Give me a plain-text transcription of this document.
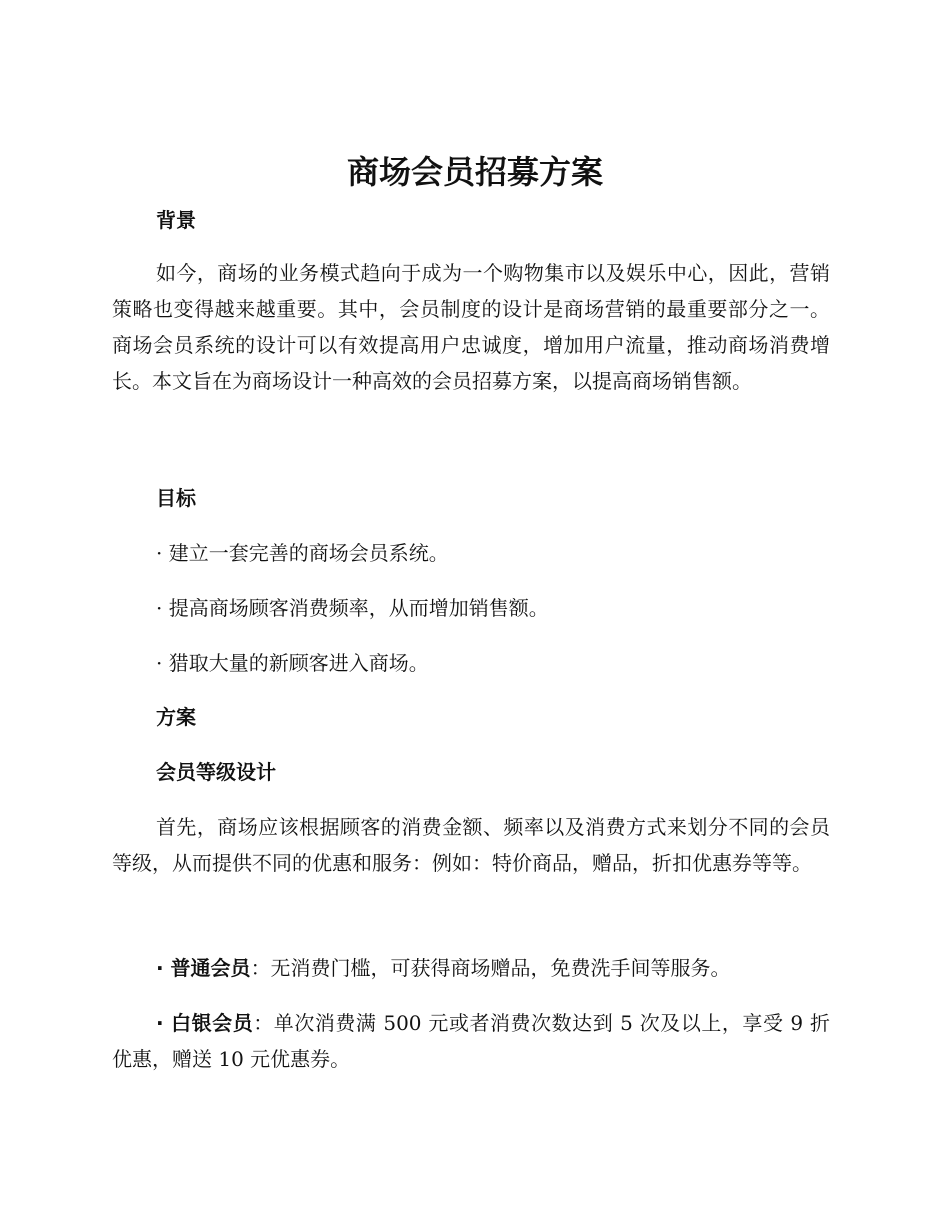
商场会员招募方案
背景
如今，商场的业务模式趋向于成为一个购物集市以及娱乐中心，因此，营销策略也变得越来越重要。其中，会员制度的设计是商场营销的最重要部分之一。商场会员系统的设计可以有效提高用户忠诚度，增加用户流量，推动商场消费增长。本文旨在为商场设计一种高效的会员招募方案，以提高商场销售额。
目标
· 建立一套完善的商场会员系统。
· 提高商场顾客消费频率，从而增加销售额。
· 猎取大量的新顾客进入商场。
方案
会员等级设计
首先，商场应该根据顾客的消费金额、频率以及消费方式来划分不同的会员等级，从而提供不同的优惠和服务：例如：特价商品，赠品，折扣优惠券等等。
· 普通会员：无消费门槛，可获得商场赠品，免费洗手间等服务。
· 白银会员：单次消费满 500 元或者消费次数达到 5 次及以上，享受 9 折优惠，赠送 10 元优惠券。
